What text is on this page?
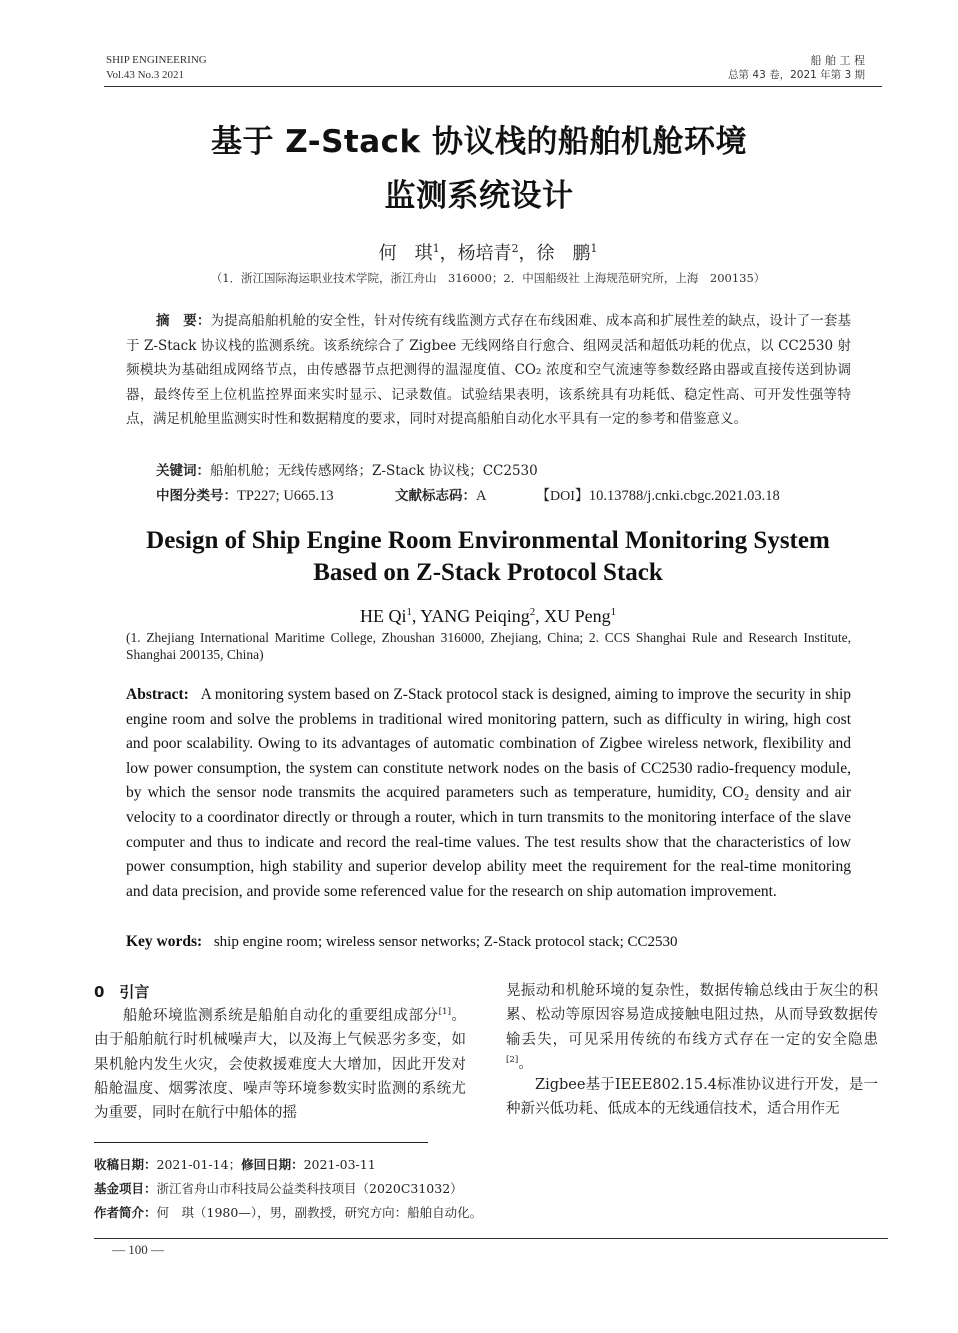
SHIP ENGINEERING
Vol.43 No.3 2021
船 舶 工 程
总第 43 卷，2021 年第 3 期
基于 Z-Stack 协议栈的船舶机舱环境
监测系统设计
何　琪$^1$，杨培青$^2$，徐　鹏$^1$
（1．浙江国际海运职业技术学院，浙江舟山　316000；2．中国船级社 上海规范研究所，上海　200135）
摘　要：为提高船舶机舱的安全性，针对传统有线监测方式存在布线困难、成本高和扩展性差的缺点，设计了一套基于 Z-Stack 协议栈的监测系统。该系统综合了 Zigbee 无线网络自行愈合、组网灵活和超低功耗的优点，以 CC2530 射频模块为基础组成网络节点，由传感器节点把测得的温湿度值、CO₂ 浓度和空气流速等参数经路由器或直接传送到协调器，最终传至上位机监控界面来实时显示、记录数值。试验结果表明，该系统具有功耗低、稳定性高、可开发性强等特点，满足机舱里监测实时性和数据精度的要求，同时对提高船舶自动化水平具有一定的参考和借鉴意义。
关键词：船舶机舱；无线传感网络；Z-Stack 协议栈；CC2530
中图分类号：TP227; U665.13	文献标志码：A	【DOI】10.13788/j.cnki.cbgc.2021.03.18
Design of Ship Engine Room Environmental Monitoring System
Based on Z-Stack Protocol Stack
HE Qi$^1$, YANG Peiqing$^2$, XU Peng$^1$
(1. Zhejiang International Maritime College, Zhoushan 316000, Zhejiang, China; 2. CCS Shanghai Rule and Research Institute, Shanghai 200135, China)
Abstract: A monitoring system based on Z-Stack protocol stack is designed, aiming to improve the security in ship engine room and solve the problems in traditional wired monitoring pattern, such as difficulty in wiring, high cost and poor scalability. Owing to its advantages of automatic combination of Zigbee wireless network, flexibility and low power consumption, the system can constitute network nodes on the basis of CC2530 radio-frequency module, by which the sensor node transmits the acquired parameters such as temperature, humidity, CO₂ density and air velocity to a coordinator directly or through a router, which in turn transmits to the monitoring interface of the slave computer and thus to indicate and record the real-time values. The test results show that the characteristics of low power consumption, high stability and superior develop ability meet the requirement for the real-time monitoring and data precision, and provide some referenced value for the research on ship automation improvement.
Key words: ship engine room; wireless sensor networks; Z-Stack protocol stack; CC2530
0　引言
船舱环境监测系统是船舶自动化的重要组成部分[1]。由于船舶航行时机械噪声大，以及海上气候恶劣多变，如果机舱内发生火灾，会使救援难度大大增加，因此开发对船舱温度、烟雾浓度、噪声等环境参数实时监测的系统尤为重要，同时在航行中船体的摇
晃振动和机舱环境的复杂性，数据传输总线由于灰尘的积累、松动等原因容易造成接触电阻过热，从而导致数据传输丢失，可见采用传统的布线方式存在一定的安全隐患[2]。
Zigbee基于IEEE802.15.4标准协议进行开发，是一种新兴低功耗、低成本的无线通信技术，适合用作无
收稿日期：2021-01-14；修回日期：2021-03-11
基金项目：浙江省舟山市科技局公益类科技项目（2020C31032）
作者简介：何　琪（1980—），男，副教授，研究方向：船舶自动化。
— 100 —
